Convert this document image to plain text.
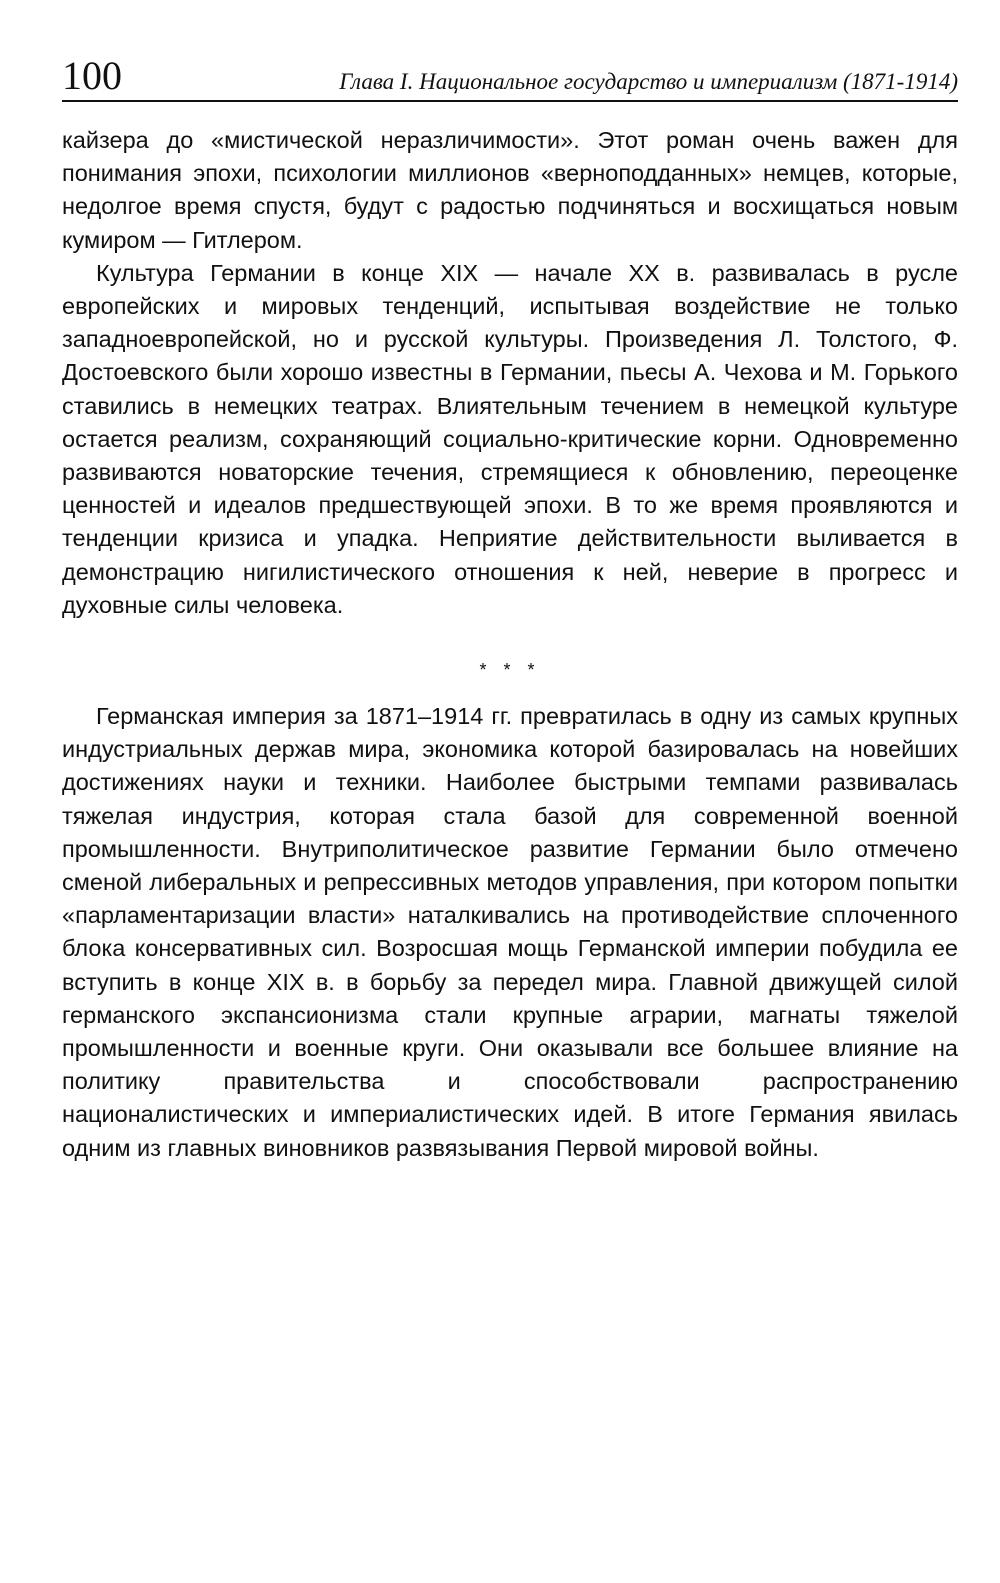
100	Глава I. Национальное государство и империализм (1871-1914)

кайзера до «мистической неразличимости». Этот роман очень важен для понимания эпохи, психологии миллионов «верноподданных» немцев, которые, недолгое время спустя, будут с радостью подчиняться и восхищаться новым кумиром — Гитлером.

Культура Германии в конце XIX — начале XX в. развивалась в русле европейских и мировых тенденций, испытывая воздействие не только западноевропейской, но и русской культуры. Произведения Л. Толстого, Ф. Достоевского были хорошо известны в Германии, пьесы А. Чехова и М. Горького ставились в немецких театрах. Влиятельным течением в немецкой культуре остается реализм, сохраняющий социально-критические корни. Одновременно развиваются новаторские течения, стремящиеся к обновлению, переоценке ценностей и идеалов предшествующей эпохи. В то же время проявляются и тенденции кризиса и упадка. Неприятие действительности выливается в демонстрацию нигилистического отношения к ней, неверие в прогресс и духовные силы человека.

* * *

Германская империя за 1871–1914 гг. превратилась в одну из самых крупных индустриальных держав мира, экономика которой базировалась на новейших достижениях науки и техники. Наиболее быстрыми темпами развивалась тяжелая индустрия, которая стала базой для современной военной промышленности. Внутриполитическое развитие Германии было отмечено сменой либеральных и репрессивных методов управления, при котором попытки «парламентаризации власти» наталкивались на противодействие сплоченного блока консервативных сил. Возросшая мощь Германской империи побудила ее вступить в конце XIX в. в борьбу за передел мира. Главной движущей силой германского экспансионизма стали крупные аграрии, магнаты тяжелой промышленности и военные круги. Они оказывали все большее влияние на политику правительства и способствовали распространению националистических и империалистических идей. В итоге Германия явилась одним из главных виновников развязывания Первой мировой войны.
